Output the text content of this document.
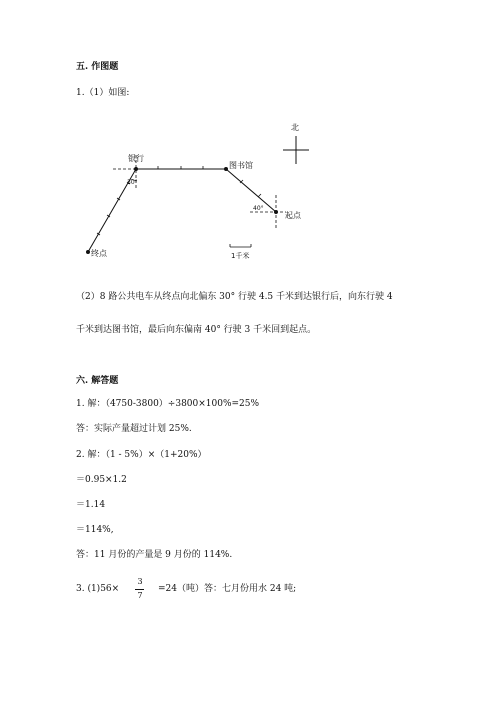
五. 作图题
1.（1）如图:
北
银行
图书馆
起点
终点
30°
40°
1千米
（2）8 路公共电车从终点向北偏东 30° 行驶 4.5 千米到达银行后，向东行驶 4
千米到达图书馆，最后向东偏南 40° 行驶 3 千米回到起点。
六. 解答题
1. 解：（4750-3800）÷3800×100%=25%
答：实际产量超过计划 25%.
2. 解：（1 - 5%）×（1+20%）
＝0.95×1.2
＝1.14
＝114%,
答：11 月份的产量是 9 月份的 114%.
3. (1)56×
3
7
=24（吨）答：七月份用水 24 吨;
